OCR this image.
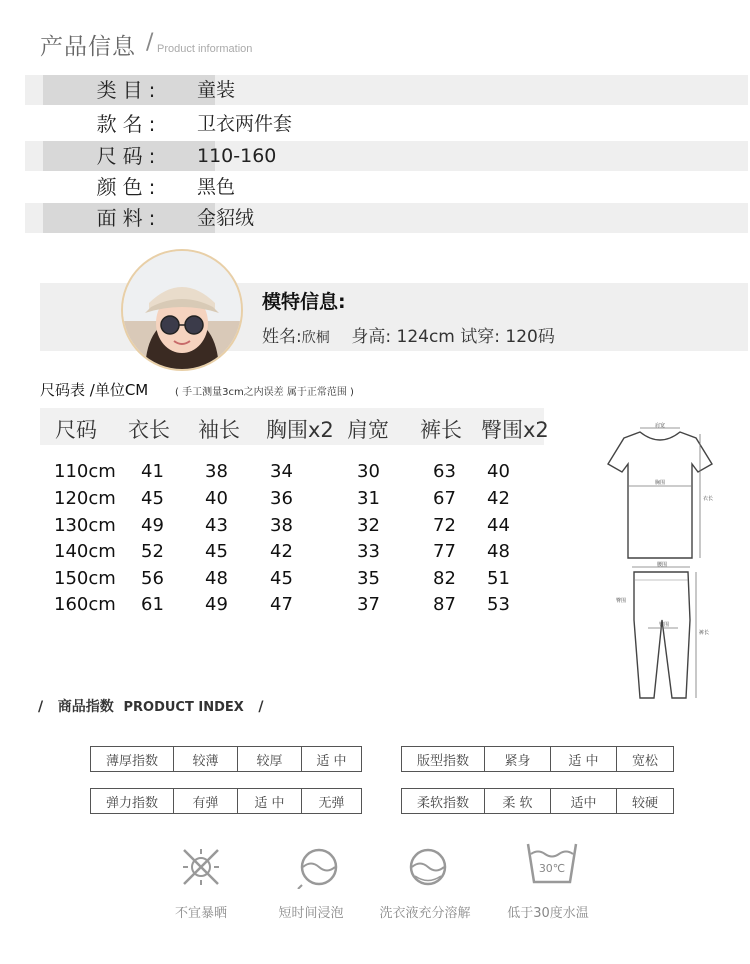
产品信息 / Product information
类目:	童装
款名:	卫衣两件套
尺码:	110-160
颜色:	黑色
面料:	金貂绒
模特信息:
姓名:欣桐 身高: 124cm 试穿: 120码
尺码表 /单位CM	( 手工测量3cm之内误差 属于正常范围 )
尺码 衣长 袖长 胸围x2 肩宽 裤长 臀围x2
110cm 41 38 34	30	63 40
120cm 45 40 36	31	67 42
130cm 49 43 38	32	72 44
140cm 52 45 42	33	77 48
150cm 56 48 45	35	82 51
160cm 61 49 47	37	87 53
肩宽
胸围
衣长
腰围
臀围
臀围
裤长
/ 商品指数 PRODUCT INDEX /
薄厚指数	较薄	较厚	适 中	版型指数	紧身	适 中	宽松
弹力指数	有弹	适 中	无弹	柔软指数	柔 软	适中	较硬
30℃
不宜暴晒	短时间浸泡	洗衣液充分溶解	低于30度水温
